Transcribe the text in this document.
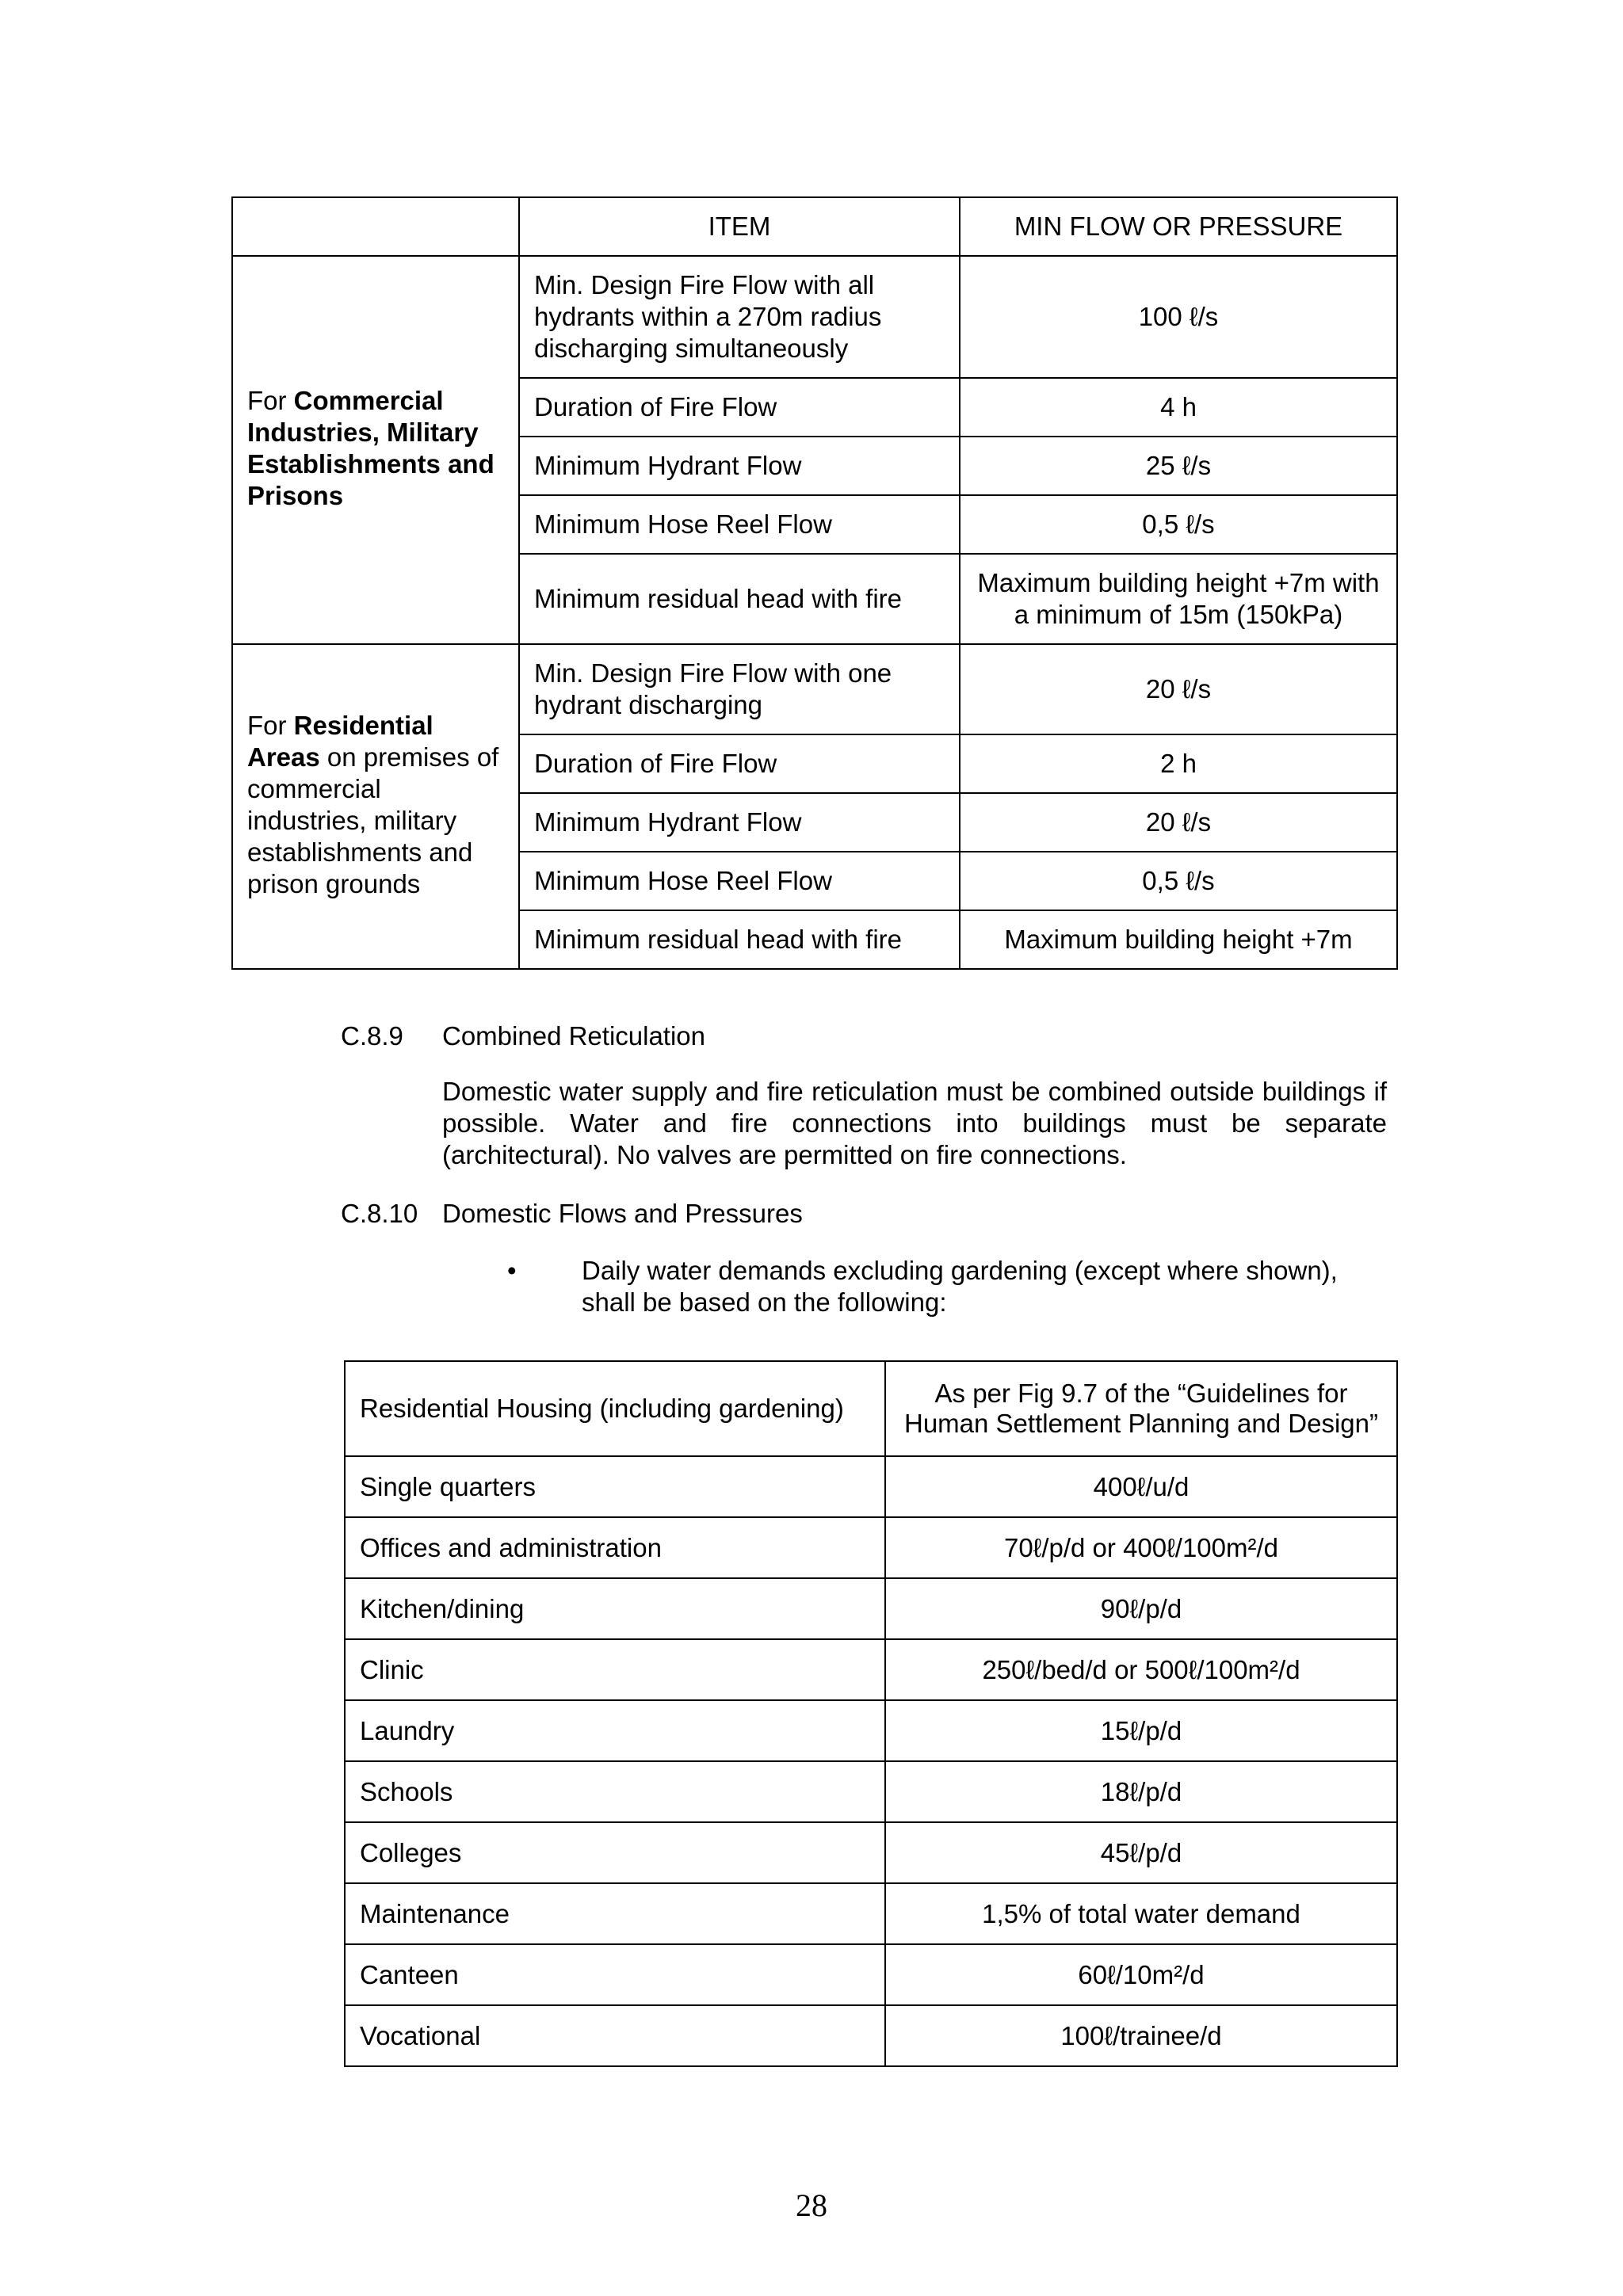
	ITEM	MIN FLOW OR PRESSURE
For Commercial Industries, Military Establishments and Prisons	Min. Design Fire Flow with all hydrants within a 270m radius discharging simultaneously	100 ℓ/s
	Duration of Fire Flow	4 h
	Minimum Hydrant Flow	25 ℓ/s
	Minimum Hose Reel Flow	0,5 ℓ/s
	Minimum residual head with fire	Maximum building height +7m with a minimum of 15m (150kPa)
For Residential Areas on premises of commercial industries, military establishments and prison grounds	Min. Design Fire Flow with one hydrant discharging	20 ℓ/s
	Duration of Fire Flow	2 h
	Minimum Hydrant Flow	20 ℓ/s
	Minimum Hose Reel Flow	0,5 ℓ/s
	Minimum residual head with fire	Maximum building height +7m
C.8.9 Combined Reticulation
Domestic water supply and fire reticulation must be combined outside buildings if possible. Water and fire connections into buildings must be separate (architectural). No valves are permitted on fire connections.
C.8.10 Domestic Flows and Pressures
• Daily water demands excluding gardening (except where shown), shall be based on the following:
Residential Housing (including gardening)	As per Fig 9.7 of the “Guidelines for Human Settlement Planning and Design”
Single quarters	400ℓ/u/d
Offices and administration	70ℓ/p/d or 400ℓ/100m²/d
Kitchen/dining	90ℓ/p/d
Clinic	250ℓ/bed/d or 500ℓ/100m²/d
Laundry	15ℓ/p/d
Schools	18ℓ/p/d
Colleges	45ℓ/p/d
Maintenance	1,5% of total water demand
Canteen	60ℓ/10m²/d
Vocational	100ℓ/trainee/d
28
